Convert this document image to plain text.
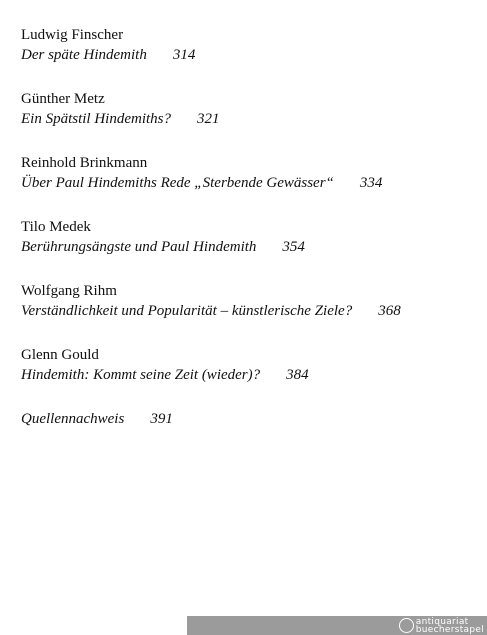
Ludwig Finscher
Der späte Hindemith 314
Günther Metz
Ein Spätstil Hindemiths? 321
Reinhold Brinkmann
Über Paul Hindemiths Rede „Sterbende Gewässer“ 334
Tilo Medek
Berührungsängste und Paul Hindemith 354
Wolfgang Rihm
Verständlichkeit und Popularität – künstlerische Ziele? 368
Glenn Gould
Hindemith: Kommt seine Zeit (wieder)? 384
Quellennachweis 391
antiquariat
buecherstapel
